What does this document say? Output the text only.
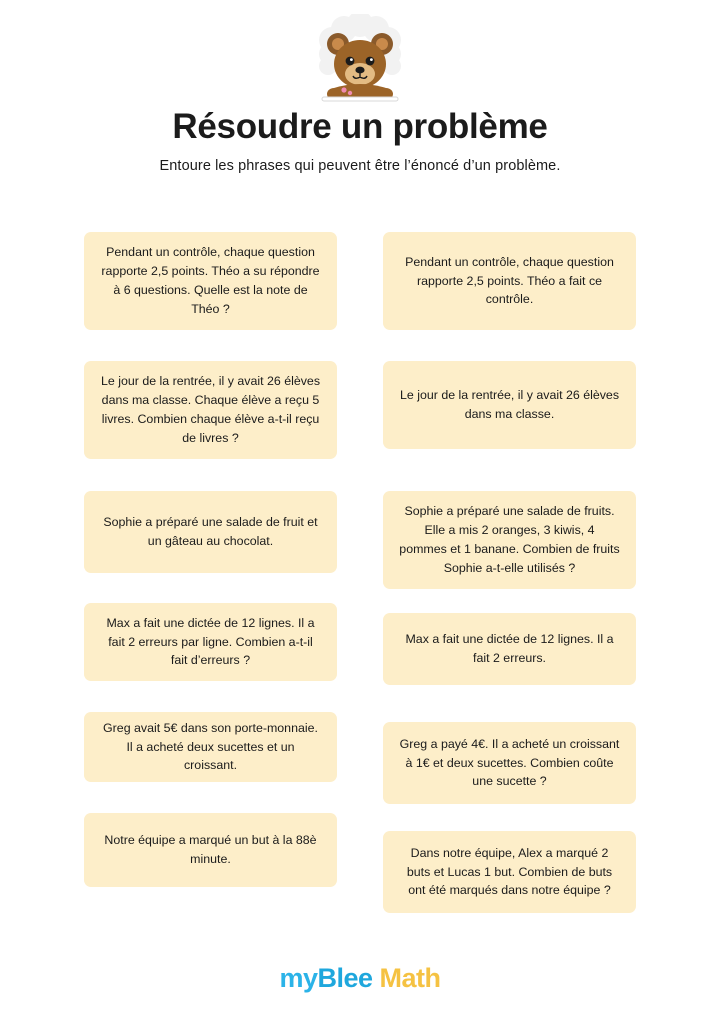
Résoudre un problème

Entoure les phrases qui peuvent être l’énoncé d’un problème.

Pendant un contrôle, chaque question rapporte 2,5 points. Théo a su répondre à 6 questions. Quelle est la note de Théo ?
Le jour de la rentrée, il y avait 26 élèves dans ma classe. Chaque élève a reçu 5 livres. Combien chaque élève a-t-il reçu de livres ?
Sophie a préparé une salade de fruit et un gâteau au chocolat.
Max a fait une dictée de 12 lignes. Il a fait 2 erreurs par ligne. Combien a-t-il fait d’erreurs ?
Greg avait 5€ dans son porte-monnaie. Il a acheté deux sucettes et un croissant.
Notre équipe a marqué un but à la 88è minute.
Pendant un contrôle, chaque question rapporte 2,5 points. Théo a fait ce contrôle.
Le jour de la rentrée, il y avait 26 élèves dans ma classe.
Sophie a préparé une salade de fruits. Elle a mis 2 oranges, 3 kiwis, 4 pommes et 1 banane. Combien de fruits Sophie a-t-elle utilisés ?
Max a fait une dictée de 12 lignes. Il a fait 2 erreurs.
Greg a payé 4€. Il a acheté un croissant à 1€ et deux sucettes. Combien coûte une sucette ?
Dans notre équipe, Alex a marqué 2 buts et Lucas 1 but. Combien de buts ont été marqués dans notre équipe ?
myBlee Math
